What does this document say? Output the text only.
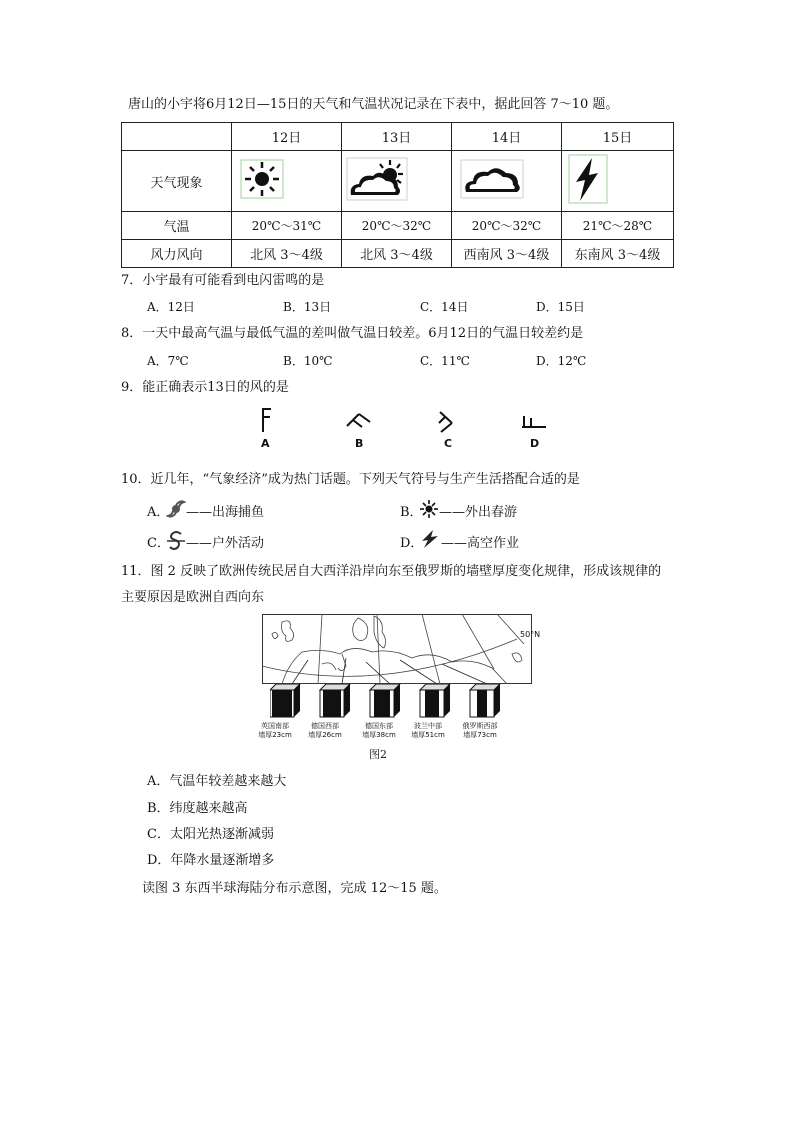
唐山的小宇将6月12日—15日的天气和气温状况记录在下表中，据此回答 7～10 题。
	12日	13日	14日	15日
天气现象				
气温	20℃～31℃	20℃～32℃	20℃～32℃	21℃～28℃
风力风向	北风 3～4级	北风 3～4级	西南风 3～4级	东南风 3～4级
7．小宇最有可能看到电闪雷鸣的是
A．12日	B．13日	C．14日	D．15日
8．一天中最高气温与最低气温的差叫做气温日较差。6月12日的气温日较差约是
A．7℃	B．10℃	C．11℃	D．12℃
9．能正确表示13日的风的是
A	B	C	D
10．近几年，“气象经济”成为热门话题。下列天气符号与生产生活搭配合适的是
A． ——出海捕鱼	B． ——外出春游
C． ——户外活动	D． ——高空作业
11．图 2 反映了欧洲传统民居自大西洋沿岸向东至俄罗斯的墙壁厚度变化规律，形成该规律的
主要原因是欧洲自西向东
50°N
英国南部
墙厚23cm
德国西部
墙厚26cm
德国东部
墙厚38cm
波兰中部
墙厚51cm
俄罗斯西部
墙厚73cm
图2
A．气温年较差越来越大
B．纬度越来越高
C．太阳光热逐渐减弱
D．年降水量逐渐增多
读图 3 东西半球海陆分布示意图，完成 12～15 题。
